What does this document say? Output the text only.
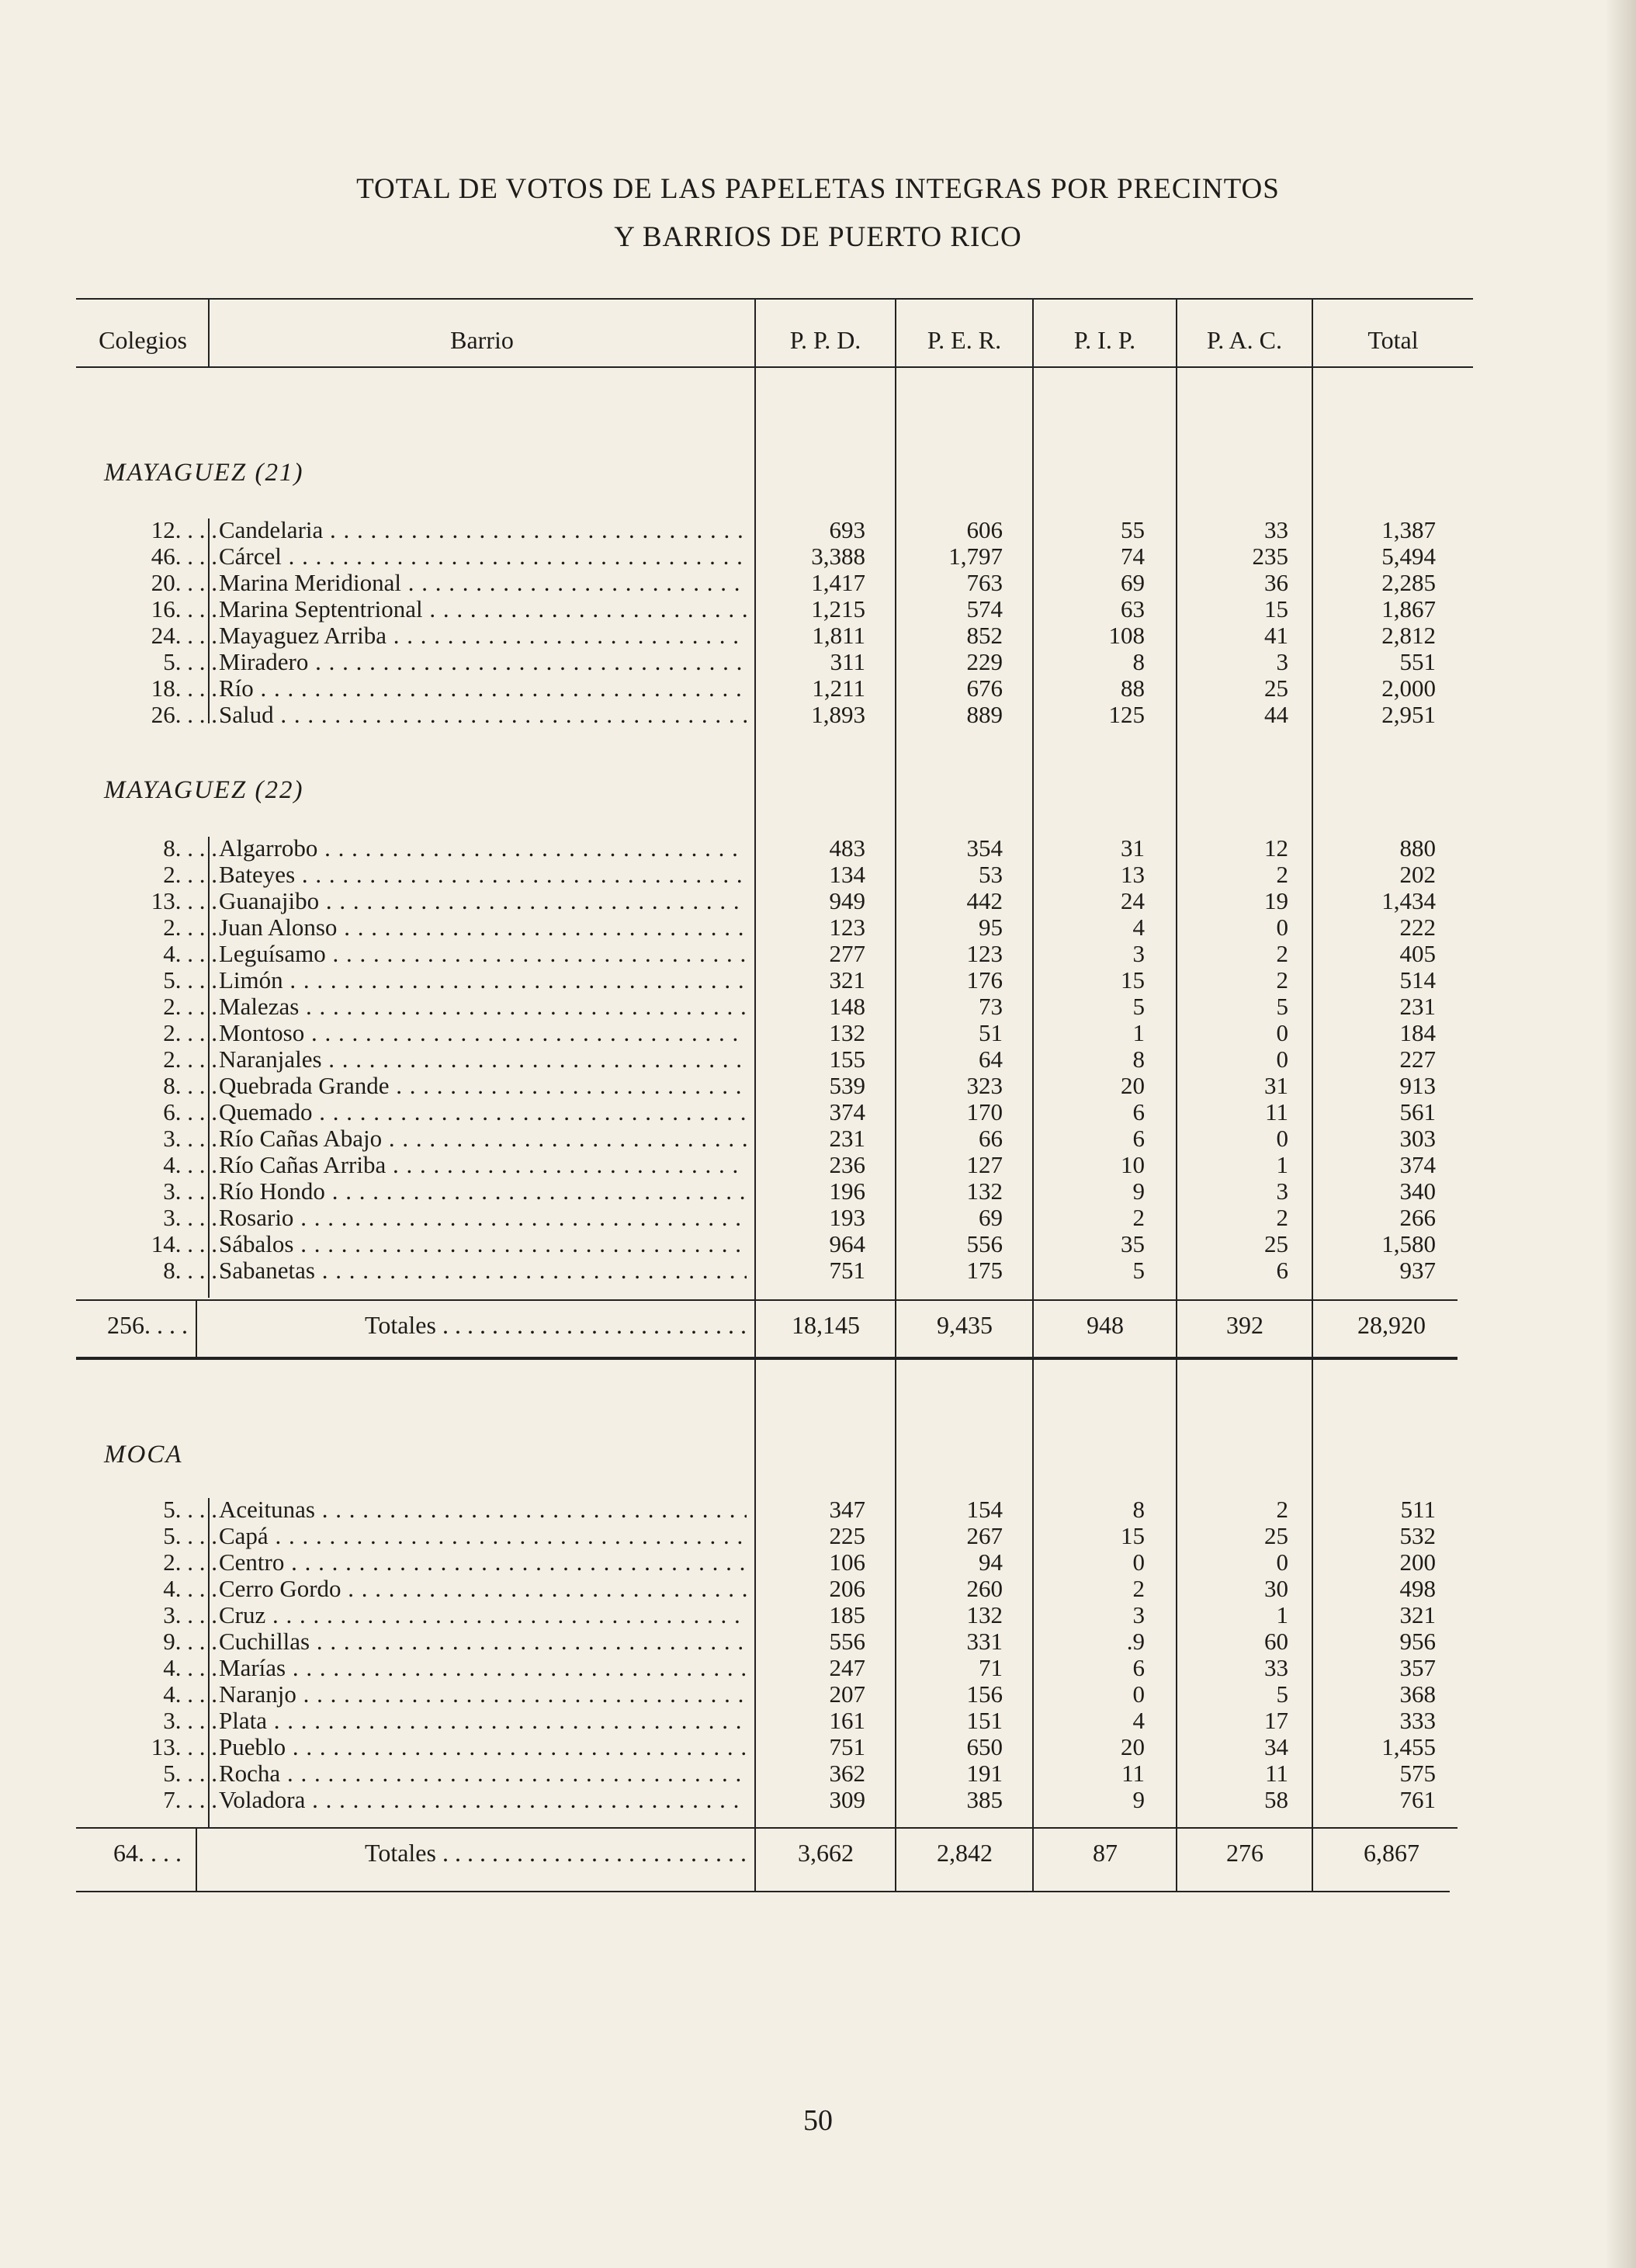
TOTAL DE VOTOS DE LAS PAPELETAS INTEGRAS POR PRECINTOS
Y BARRIOS DE PUERTO RICO
Colegios	Barrio	P. P. D.	P. E. R.	P. I. P.	P. A. C.	Total
MAYAGUEZ (21)
MAYAGUEZ (22)
MOCA
12. . . . Candelaria . . .	693	606	55	33	1,387
46. . . . Cárcel . . .	3,388	1,797	74	235	5,494
20. . . . Marina Meridional . . .	1,417	763	69	36	2,285
16. . . . Marina Septentrional . . .	1,215	574	63	15	1,867
24. . . . Mayaguez Arriba . . .	1,811	852	108	41	2,812
5. . . . Miradero . . .	311	229	8	3	551
18. . . . Río . . .	1,211	676	88	25	2,000
26. . . . Salud . . .	1,893	889	125	44	2,951
8. . . . Algarrobo . . .	483	354	31	12	880
2. . . . Bateyes . . .	134	53	13	2	202
13. . . . Guanajibo . . .	949	442	24	19	1,434
2. . . . Juan Alonso . . .	123	95	4	0	222
4. . . . Leguísamo . . .	277	123	3	2	405
5. . . . Limón . . .	321	176	15	2	514
2. . . . Malezas . . .	148	73	5	5	231
2. . . . Montoso . . .	132	51	1	0	184
2. . . . Naranjales . . .	155	64	8	0	227
8. . . . Quebrada Grande . . .	539	323	20	31	913
6. . . . Quemado . . .	374	170	6	11	561
3. . . . Río Cañas Abajo . . .	231	66	6	0	303
4. . . . Río Cañas Arriba . . .	236	127	10	1	374
3. . . . Río Hondo . . .	196	132	9	3	340
3. . . . Rosario . . .	193	69	2	2	266
14. . . . Sábalos . . .	964	556	35	25	1,580
8. . . . Sabanetas . . .	751	175	5	6	937
5. . . . Aceitunas . . .	347	154	8	2	511
5. . . . Capá . . .	225	267	15	25	532
2. . . . Centro . . .	106	94	0	0	200
4. . . . Cerro Gordo . . .	206	260	2	30	498
3. . . . Cruz . . .	185	132	3	1	321
9. . . . Cuchillas . . .	556	331	.9	60	956
4. . . . Marías . . .	247	71	6	33	357
4. . . . Naranjo . . .	207	156	0	5	368
3. . . . Plata . . .	161	151	4	17	333
13. . . . Pueblo . . .	751	650	20	34	1,455
5. . . . Rocha . . .	362	191	11	11	575
7. . . . Voladora . . .	309	385	9	58	761
256. . . .	Totales . . .	18,145	9,435	948	392	28,920
64. . . .	Totales . . .	3,662	2,842	87	276	6,867
50
